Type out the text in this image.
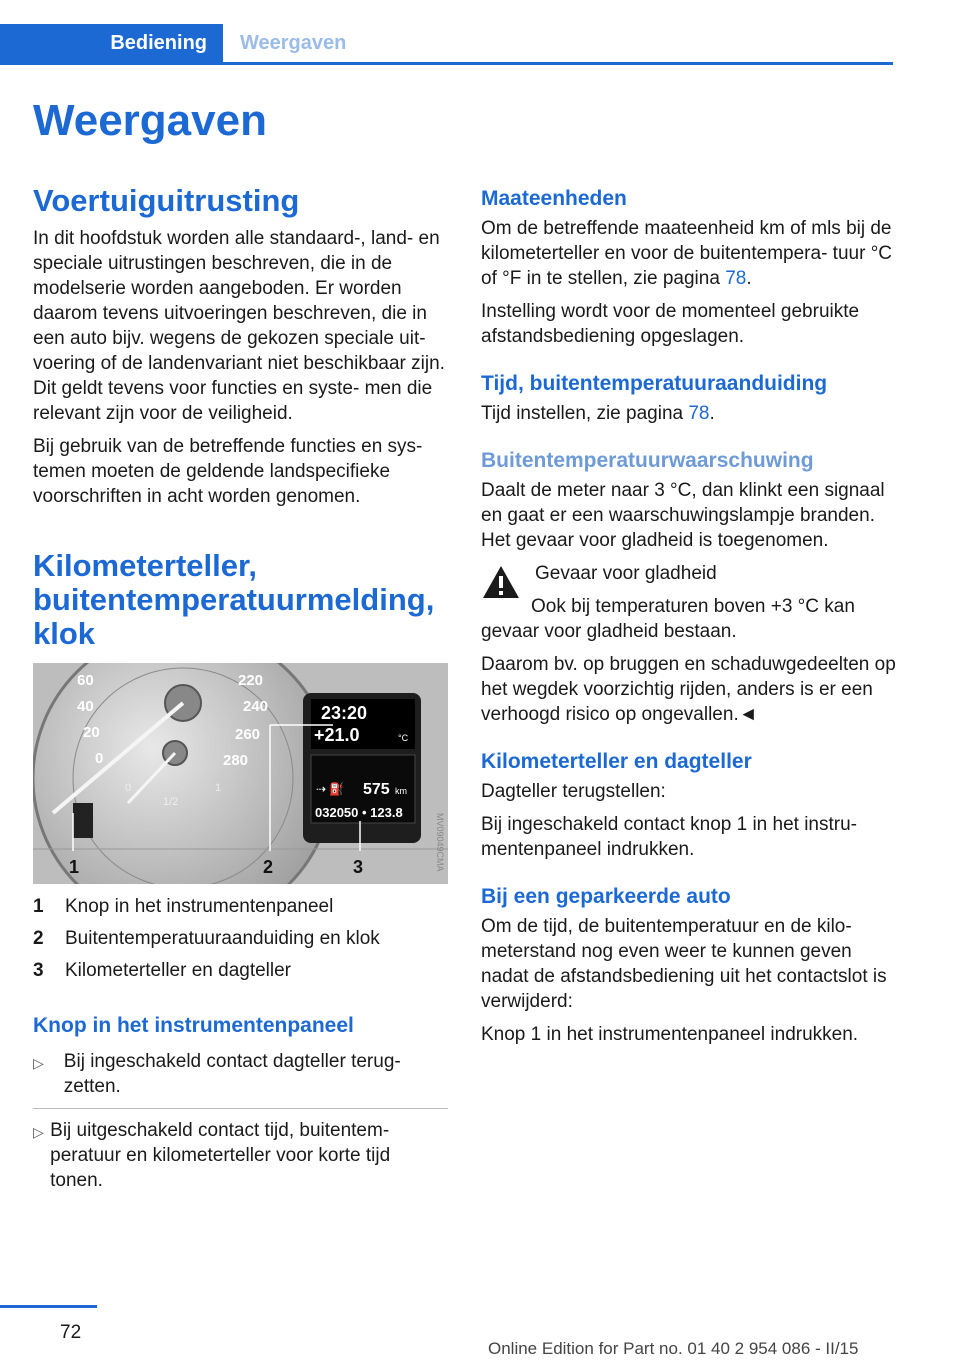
Bediening	Weergaven
Weergaven
Voertuiguitrusting

In dit hoofdstuk worden alle standaard-, land- en speciale uitrustingen beschreven, die in de modelserie worden aangeboden. Er worden daarom tevens uitvoeringen beschreven, die in een auto bijv. wegens de gekozen speciale uit- voering of de landenvariant niet beschikbaar zijn. Dit geldt tevens voor functies en syste- men die relevant zijn voor de veiligheid.

Bij gebruik van de betreffende functies en sys- temen moeten de geldende landspecifieke voorschriften in acht worden genomen.

Kilometerteller, buitentemperatuurmelding, klok
60
40
20
0
220
240
260
280
0
1/2
1
23:20
+21.0	°C
⇢ ⛽ 575 km
032050 • 123.8
MV09049CMA
1	2	3
1	Knop in het instrumentenpaneel
2	Buitentemperatuuraanduiding en klok
3	Kilometerteller en dagteller
Knop in het instrumentenpaneel
▷	Bij ingeschakeld contact dagteller terug- zetten.
▷ Bij uitgeschakeld contact tijd, buitentem- peratuur en kilometerteller voor korte tijd tonen.
Maateenheden

Om de betreffende maateenheid km of mls bij de kilometerteller en voor de buitentempera- tuur °C of °F in te stellen, zie pagina 78.

Instelling wordt voor de momenteel gebruikte afstandsbediening opgeslagen.

Tijd, buitentemperatuuraanduiding

Tijd instellen, zie pagina 78.

Buitentemperatuurwaarschuwing

Daalt de meter naar 3 °C, dan klinkt een signaal en gaat er een waarschuwingslampje branden. Het gevaar voor gladheid is toegenomen.

Gevaar voor gladheid

Ook bij temperaturen boven +3 °C kan gevaar voor gladheid bestaan.

Daarom bv. op bruggen en schaduwgedeelten op het wegdek voorzichtig rijden, anders is er een verhoogd risico op ongevallen.◄

Kilometerteller en dagteller

Dagteller terugstellen:

Bij ingeschakeld contact knop 1 in het instru- mentenpaneel indrukken.

Bij een geparkeerde auto

Om de tijd, de buitentemperatuur en de kilo- meterstand nog even weer te kunnen geven nadat de afstandsbediening uit het contactslot is verwijderd:

Knop 1 in het instrumentenpaneel indrukken.

72
Online Edition for Part no. 01 40 2 954 086 - II/15
